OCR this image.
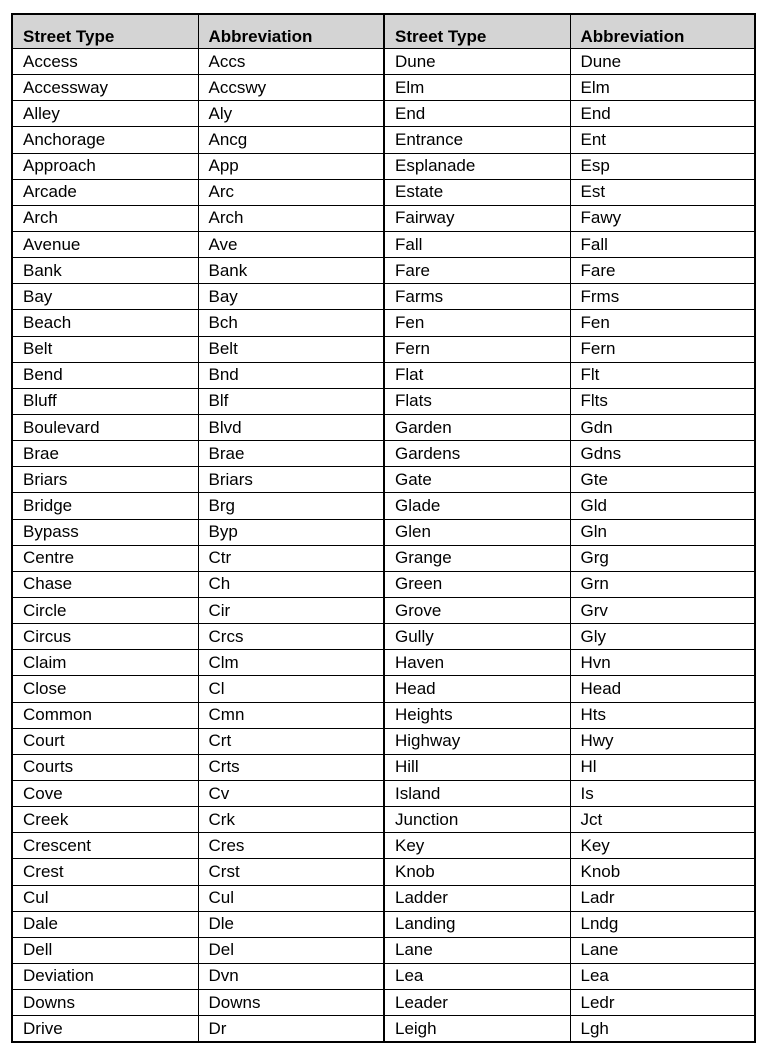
Street Type	Abbreviation	Street Type	Abbreviation
Access	Accs	Dune	Dune
Accessway	Accswy	Elm	Elm
Alley	Aly	End	End
Anchorage	Ancg	Entrance	Ent
Approach	App	Esplanade	Esp
Arcade	Arc	Estate	Est
Arch	Arch	Fairway	Fawy
Avenue	Ave	Fall	Fall
Bank	Bank	Fare	Fare
Bay	Bay	Farms	Frms
Beach	Bch	Fen	Fen
Belt	Belt	Fern	Fern
Bend	Bnd	Flat	Flt
Bluff	Blf	Flats	Flts
Boulevard	Blvd	Garden	Gdn
Brae	Brae	Gardens	Gdns
Briars	Briars	Gate	Gte
Bridge	Brg	Glade	Gld
Bypass	Byp	Glen	Gln
Centre	Ctr	Grange	Grg
Chase	Ch	Green	Grn
Circle	Cir	Grove	Grv
Circus	Crcs	Gully	Gly
Claim	Clm	Haven	Hvn
Close	Cl	Head	Head
Common	Cmn	Heights	Hts
Court	Crt	Highway	Hwy
Courts	Crts	Hill	Hl
Cove	Cv	Island	Is
Creek	Crk	Junction	Jct
Crescent	Cres	Key	Key
Crest	Crst	Knob	Knob
Cul	Cul	Ladder	Ladr
Dale	Dle	Landing	Lndg
Dell	Del	Lane	Lane
Deviation	Dvn	Lea	Lea
Downs	Downs	Leader	Ledr
Drive	Dr	Leigh	Lgh
